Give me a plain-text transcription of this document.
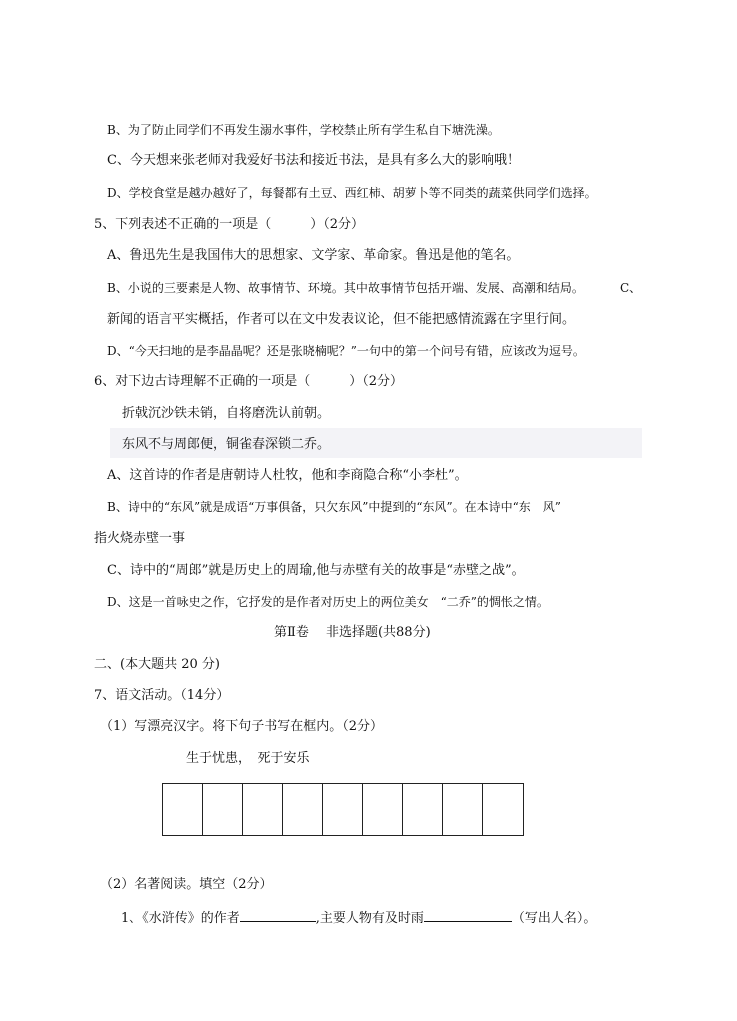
B、为了防止同学们不再发生溺水事件，学校禁止所有学生私自下塘洗澡。
C、今天想来张老师对我爱好书法和接近书法，是具有多么大的影响哦！
D、学校食堂是越办越好了，每餐都有土豆、西红柿、胡萝卜等不同类的蔬菜供同学们选择。
5、下列表述不正确的一项是（　　　）（2分）
A、鲁迅先生是我国伟大的思想家、文学家、革命家。鲁迅是他的笔名。
B、小说的三要素是人物、故事情节、环境。其中故事情节包括开端、发展、高潮和结局。	C、
新闻的语言平实概括，作者可以在文中发表议论，但不能把感情流露在字里行间。
D、“今天扫地的是李晶晶呢？还是张晓楠呢？”一句中的第一个问号有错，应该改为逗号。
6、对下边古诗理解不正确的一项是（　　　）（2分）
折戟沉沙铁未销，自将磨洗认前朝。
东风不与周郎便，铜雀春深锁二乔。
A、这首诗的作者是唐朝诗人杜牧，他和李商隐合称“小李杜”。
B、诗中的“东风”就是成语“万事俱备，只欠东风”中提到的“东风”。在本诗中“东　风”
指火烧赤壁一事
C、诗中的“周郎”就是历史上的周瑜,他与赤壁有关的故事是“赤壁之战”。
D、这是一首咏史之作，它抒发的是作者对历史上的两位美女　“二乔”的惆怅之情。
第Ⅱ卷　 非选择题(共88分)
二、(本大题共 20 分)
7、语文活动。（14分）
（1）写漂亮汉字。将下句子书写在框内。（2分）
生于忧患，　死于安乐
（2）名著阅读。填空（2分）
1､《水浒传》的作者	,主要人物有及时雨	（写出人名）。
